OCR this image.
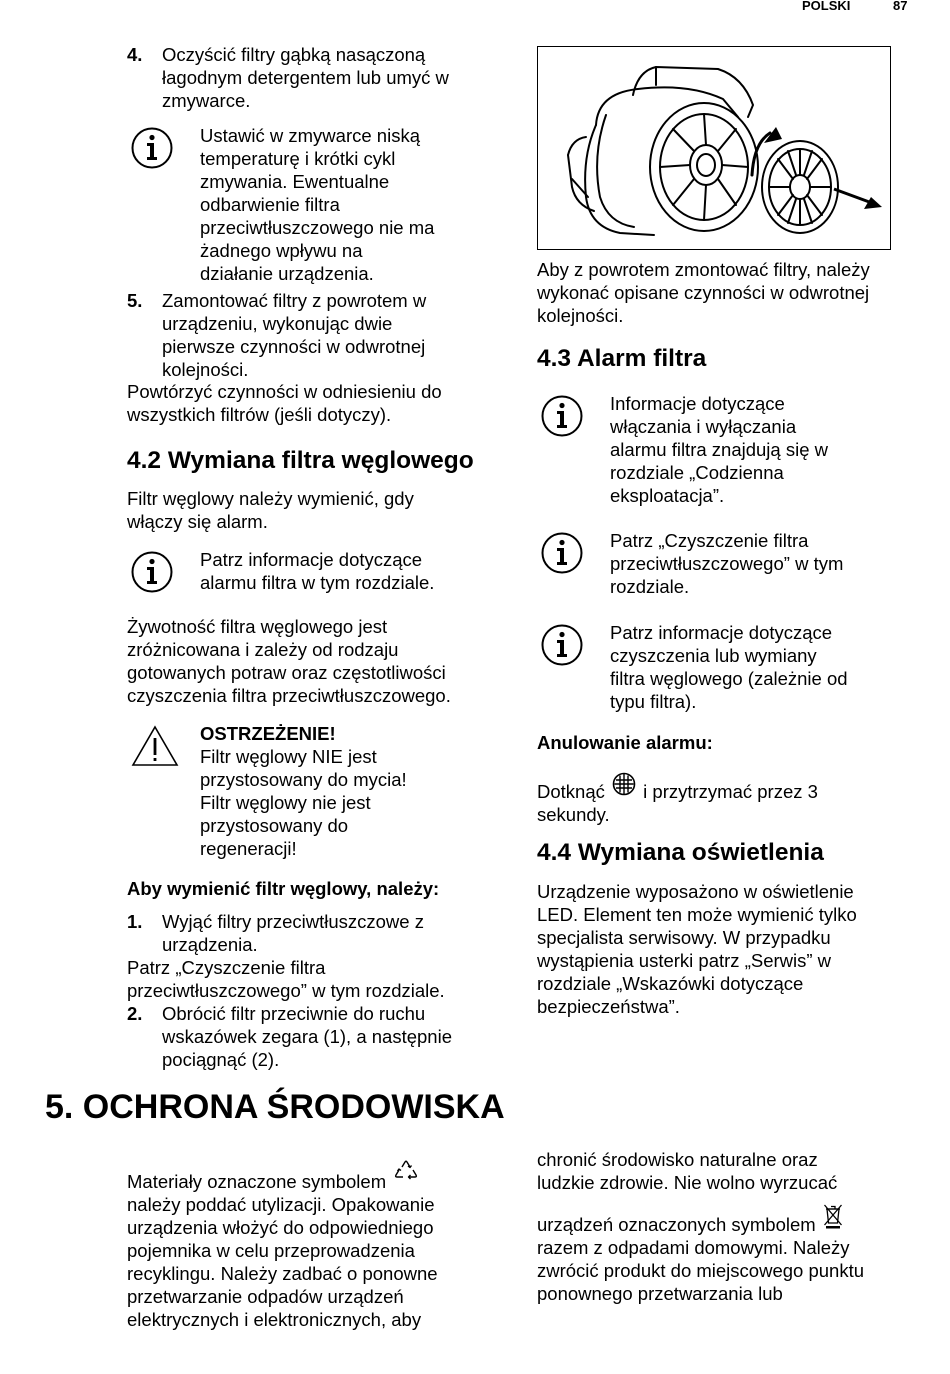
POLSKI	87
4. Oczyścić filtry gąbką nasączoną

łagodnym detergentem lub umyć w

zmywarce.

Ustawić w zmywarce niską

temperaturę i krótki cykl

zmywania. Ewentualne

odbarwienie filtra

przeciwtłuszczowego nie ma

żadnego wpływu na

działanie urządzenia.

5. Zamontować filtry z powrotem w

urządzeniu, wykonując dwie

pierwsze czynności w odwrotnej

kolejności.

Powtórzyć czynności w odniesieniu do

wszystkich filtrów (jeśli dotyczy).

4.2 Wymiana filtra węglowego

Filtr węglowy należy wymienić, gdy

włączy się alarm.

Patrz informacje dotyczące

alarmu filtra w tym rozdziale.

Żywotność filtra węglowego jest

zróżnicowana i zależy od rodzaju

gotowanych potraw oraz częstotliwości

czyszczenia filtra przeciwtłuszczowego.

OSTRZEŻENIE!

Filtr węglowy NIE jest

przystosowany do mycia!

Filtr węglowy nie jest

przystosowany do

regeneracji!

Aby wymienić filtr węglowy, należy:
1. Wyjąć filtry przeciwtłuszczowe z

urządzenia.

Patrz „Czyszczenie filtra

przeciwtłuszczowego” w tym rozdziale.

2. Obrócić filtr przeciwnie do ruchu

wskazówek zegara (1), a następnie

pociągnąć (2).

Aby z powrotem zmontować filtry, należy

wykonać opisane czynności w odwrotnej

kolejności.

4.3 Alarm filtra

Informacje dotyczące

włączania i wyłączania

alarmu filtra znajdują się w

rozdziale „Codzienna

eksploatacja”.

Patrz „Czyszczenie filtra

przeciwtłuszczowego” w tym

rozdziale.

Patrz informacje dotyczące

czyszczenia lub wymiany

filtra węglowego (zależnie od

typu filtra).

Anulowanie alarmu:

Dotknąć i przytrzymać przez 3

sekundy.

4.4 Wymiana oświetlenia

Urządzenie wyposażono w oświetlenie

LED. Element ten może wymienić tylko

specjalista serwisowy. W przypadku

wystąpienia usterki patrz „Serwis” w

rozdziale „Wskazówki dotyczące

bezpieczeństwa”.

5. OCHRONA ŚRODOWISKA

Materiały oznaczone symbolem

należy poddać utylizacji. Opakowanie

urządzenia włożyć do odpowiedniego

pojemnika w celu przeprowadzenia

recyklingu. Należy zadbać o ponowne

przetwarzanie odpadów urządzeń

elektrycznych i elektronicznych, aby

chronić środowisko naturalne oraz

ludzkie zdrowie. Nie wolno wyrzucać

urządzeń oznaczonych symbolem

razem z odpadami domowymi. Należy

zwrócić produkt do miejscowego punktu

ponownego przetwarzania lub
